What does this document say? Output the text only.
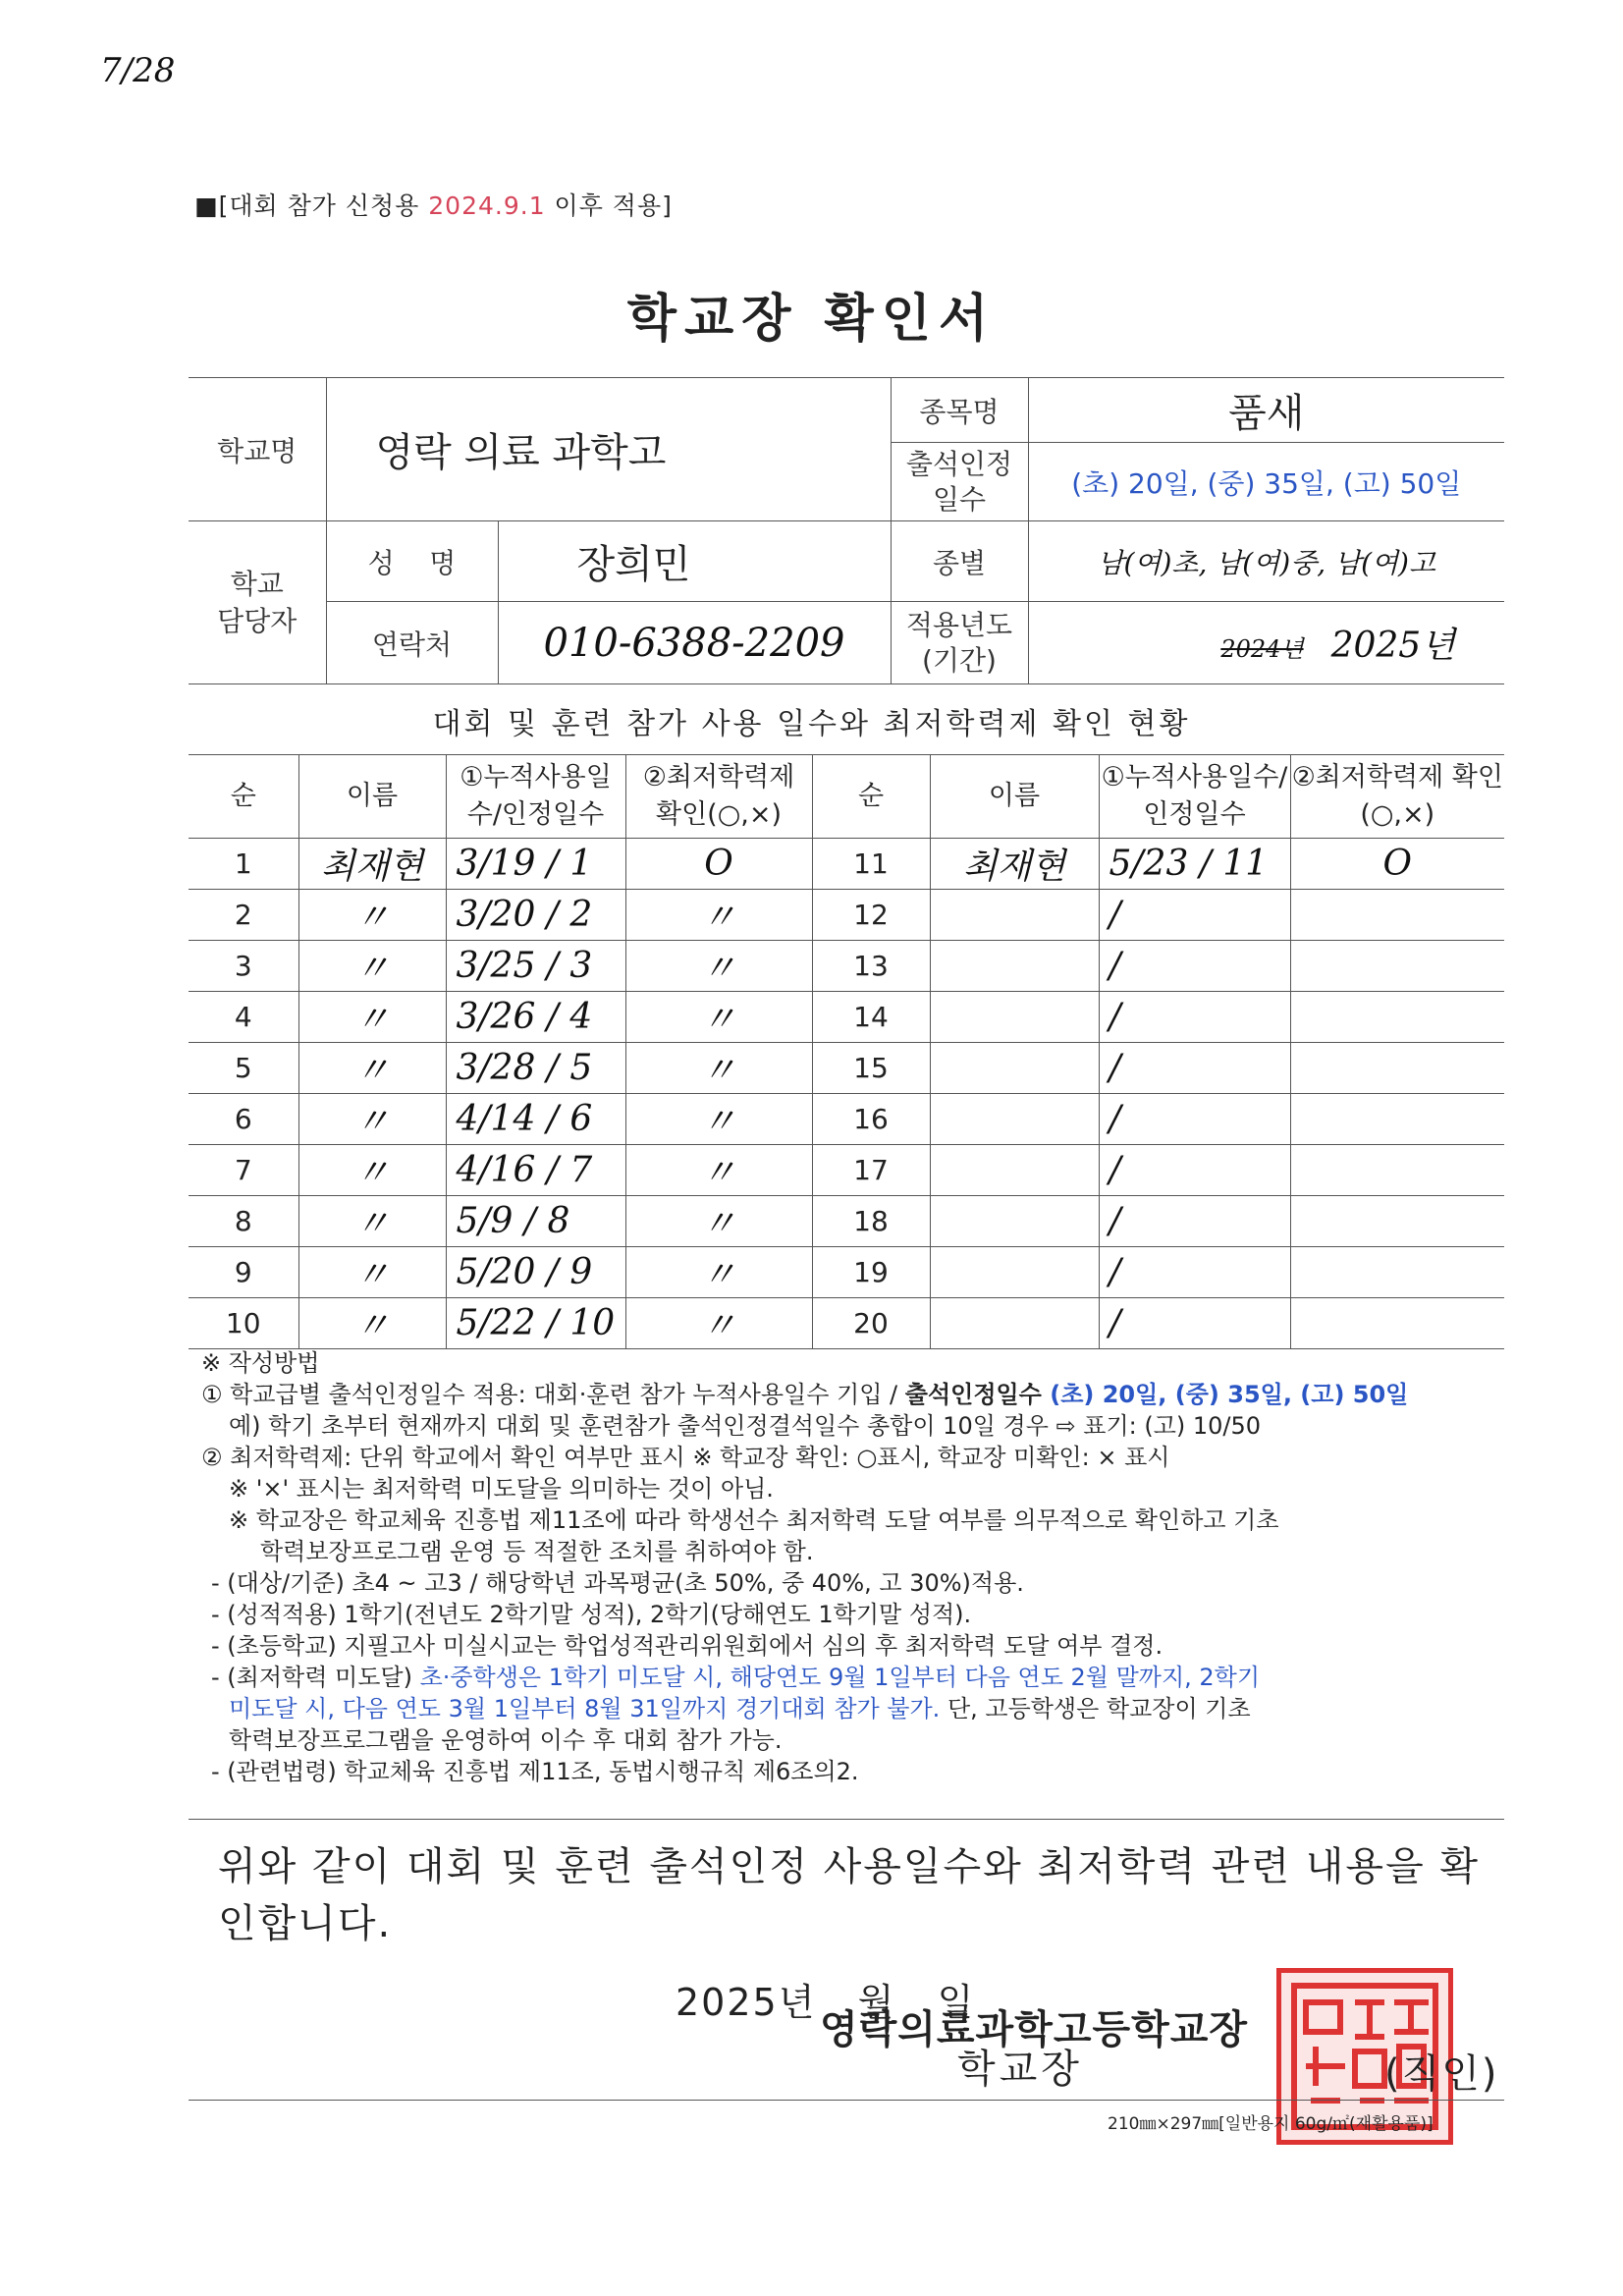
7/28
■[대회 참가 신청용 2024.9.1 이후 적용]
학교장 확인서
학교명	영락 의료 과학고		종목명	품새
			출석인정 일수	(초) 20일, (중) 35일, (고) 50일
학교 담당자	성    명	장희민	종별	남(여)초, 남(여)중, 남(여)고
	연락처	010-6388-2209	적용년도 (기간)	2024년 2025년
대회 및 훈련 참가 사용 일수와 최저학력제 확인 현황
순	이름	①누적사용일수/인정일수	②최저학력제 확인(○,×)	순	이름	①누적사용일수/인정일수	②최저학력제 확인(○,×)
1	최재현	3/19 / 1	O	11	최재현	5/23 / 11	O
2	〃	3/20 / 2	〃	12		/	
3	〃	3/25 / 3	〃	13		/	
4	〃	3/26 / 4	〃	14		/	
5	〃	3/28 / 5	〃	15		/	
6	〃	4/14 / 6	〃	16		/	
7	〃	4/16 / 7	〃	17		/	
8	〃	5/9 / 8	〃	18		/	
9	〃	5/20 / 9	〃	19		/	
10	〃	5/22 / 10	〃	20		/	

※ 작성방법

① 학교급별 출석인정일수 적용: 대회·훈련 참가 누적사용일수 기입 / 출석인정일수 (초) 20일, (중) 35일, (고) 50일

예) 학기 초부터 현재까지 대회 및 훈련참가 출석인정결석일수 총합이 10일 경우 ⇨ 표기: (고) 10/50

② 최저학력제: 단위 학교에서 확인 여부만 표시 ※ 학교장 확인: ○표시, 학교장 미확인: × 표시

※ '×' 표시는 최저학력 미도달을 의미하는 것이 아님.

※ 학교장은 학교체육 진흥법 제11조에 따라 학생선수 최저학력 도달 여부를 의무적으로 확인하고 기초

학력보장프로그램 운영 등 적절한 조치를 취하여야 함.

- (대상/기준) 초4 ~ 고3 / 해당학년 과목평균(초 50%, 중 40%, 고 30%)적용.

- (성적적용) 1학기(전년도 2학기말 성적), 2학기(당해연도 1학기말 성적).

- (초등학교) 지필고사 미실시교는 학업성적관리위원회에서 심의 후 최저학력 도달 여부 결정.

- (최저학력 미도달) 초·중학생은 1학기 미도달 시, 해당연도 9월 1일부터 다음 연도 2월 말까지, 2학기

미도달 시, 다음 연도 3월 1일부터 8월 31일까지 경기대회 참가 불가. 단, 고등학생은 학교장이 기초

학력보장프로그램을 운영하여 이수 후 대회 참가 가능.

- (관련법령) 학교체육 진흥법 제11조, 동법시행규칙 제6조의2.

위와 같이 대회 및 훈련 출석인정 사용일수와 최저학력 관련 내용을 확인합니다.
2025년   월   일
영락의료과학고등학교장
학교장	(직인)
210㎜×297㎜[일반용지 60g/㎡(재활용품)]
